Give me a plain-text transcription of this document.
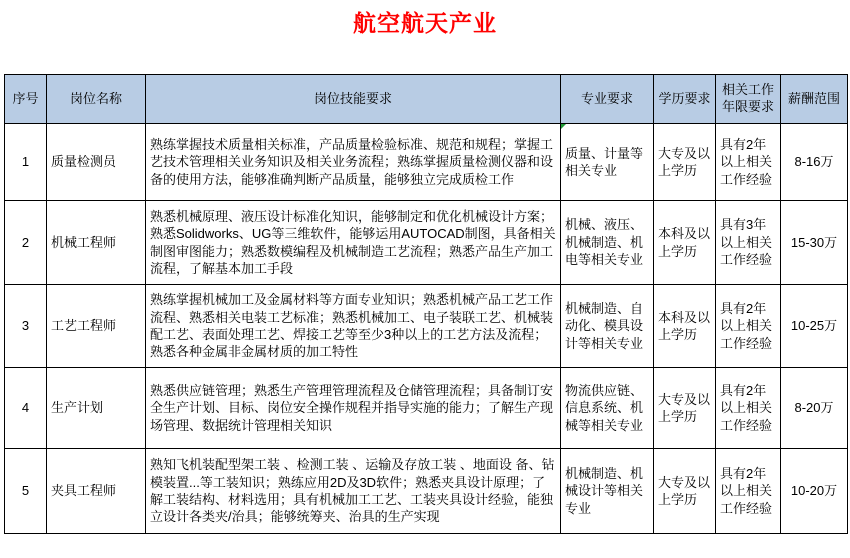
航空航天产业
序号	岗位名称	岗位技能要求	专业要求	学历要求	相关工作年限要求	薪酬范围
1	质量检测员	熟练掌握技术质量相关标准，产品质量检验标准、规范和规程；掌握工艺技术管理相关业务知识及相关业务流程；熟练掌握质量检测仪器和设备的使用方法，能够准确判断产品质量，能够独立完成质检工作	质量、计量等相关专业	大专及以上学历	具有2年以上相关工作经验	8-16万
2	机械工程师	熟悉机械原理、液压设计标准化知识，能够制定和优化机械设计方案；熟悉Solidworks、UG等三维软件，能够运用AUTOCAD制图，具备相关制图审图能力；熟悉数模编程及机械制造工艺流程；熟悉产品生产加工流程，了解基本加工手段	机械、液压、机械制造、机电等相关专业	本科及以上学历	具有3年以上相关工作经验	15-30万
3	工艺工程师	熟练掌握机械加工及金属材料等方面专业知识；熟悉机械产品工艺工作流程、熟悉相关电装工艺标准；熟悉机械加工、电子装联工艺、机械装配工艺、表面处理工艺、焊接工艺等至少3种以上的工艺方法及流程；熟悉各种金属非金属材质的加工特性	机械制造、自动化、模具设计等相关专业	本科及以上学历	具有2年以上相关工作经验	10-25万
4	生产计划	熟悉供应链管理；熟悉生产管理管理流程及仓储管理流程；具备制订安全生产计划、目标、岗位安全操作规程并指导实施的能力；了解生产现场管理、数据统计管理相关知识	物流供应链、信息系统、机械等相关专业	大专及以上学历	具有2年以上相关工作经验	8-20万
5	夹具工程师	熟知飞机装配型架工装 、检测工装 、运输及存放工装 、地面设 备、钻模装置...等工装知识；熟练应用2D及3D软件；熟悉夹具设计原理；了解工装结构、材料选用；具有机械加工工艺、工装夹具设计经验，能独立设计各类夹/治具；能够统筹夹、治具的生产实现	机械制造、机械设计等相关专业	大专及以上学历	具有2年以上相关工作经验	10-20万
